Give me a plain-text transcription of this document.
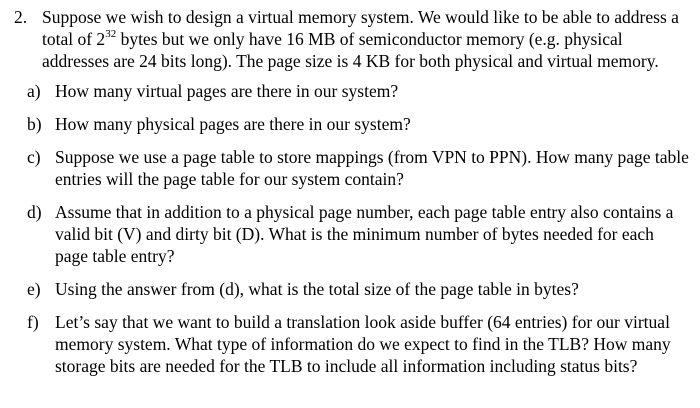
2. Suppose we wish to design a virtual memory system. We would like to be able to address a total of $2^{32}$ bytes but we only have 16 MB of semiconductor memory (e.g. physical addresses are 24 bits long). The page size is 4 KB for both physical and virtual memory.

a) How many virtual pages are there in our system?
b) How many physical pages are there in our system?
c) Suppose we use a page table to store mappings (from VPN to PPN). How many page table entries will the page table for our system contain?
d) Assume that in addition to a physical page number, each page table entry also contains a valid bit (V) and dirty bit (D). What is the minimum number of bytes needed for each page table entry?
e) Using the answer from (d), what is the total size of the page table in bytes?
f) Let’s say that we want to build a translation look aside buffer (64 entries) for our virtual memory system. What type of information do we expect to find in the TLB? How many storage bits are needed for the TLB to include all information including status bits?
